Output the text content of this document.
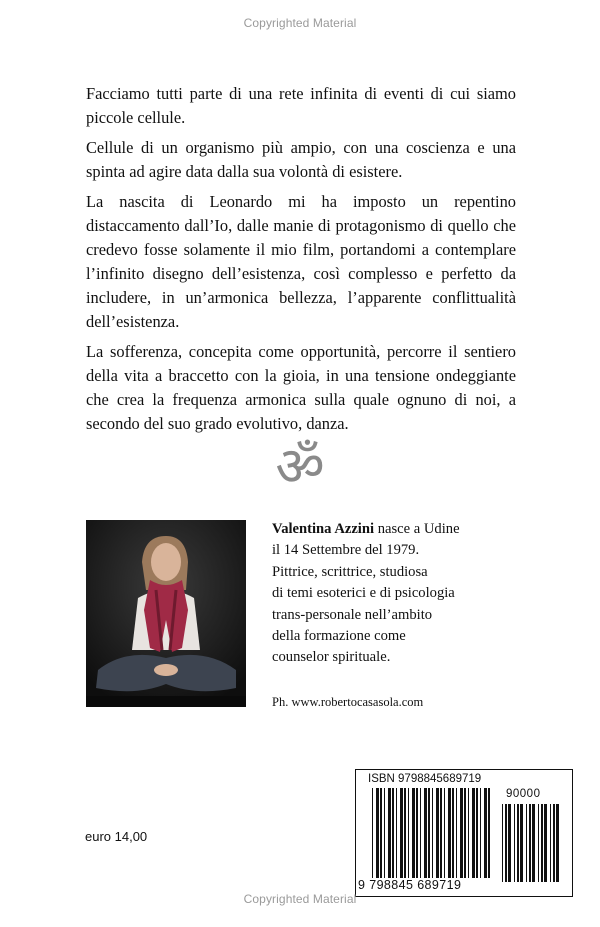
Copyrighted Material

Facciamo tutti parte di una rete infinita di eventi di cui siamo piccole cellule.

Cellule di un organismo più ampio, con una coscienza e una spinta ad agire data dalla sua volontà di esistere.

La nascita di Leonardo mi ha imposto un repentino distaccamento dall’Io, dalle manie di protagonismo di quello che credevo fosse solamente il mio film, portandomi a contemplare l’infinito disegno dell’esistenza, così complesso e perfetto da includere, in un’armonica bellezza, l’apparente conflittualità dell’esistenza.

La sofferenza, concepita come opportunità, percorre il sentiero della vita a braccetto con la gioia, in una tensione ondeggiante che crea la frequenza armonica sulla quale ognuno di noi, a secondo del suo grado evolutivo, danza.

ॐ
Valentina Azzini nasce a Udine
il 14 Settembre del 1979.
Pittrice, scrittrice, studiosa
di temi esoterici e di psicologia
trans-personale nell’ambito
della formazione come
counselor spirituale.
Ph. www.robertocasasola.com
euro 14,00
ISBN 9798845689719
90000
9 798845 689719
Copyrighted Material
